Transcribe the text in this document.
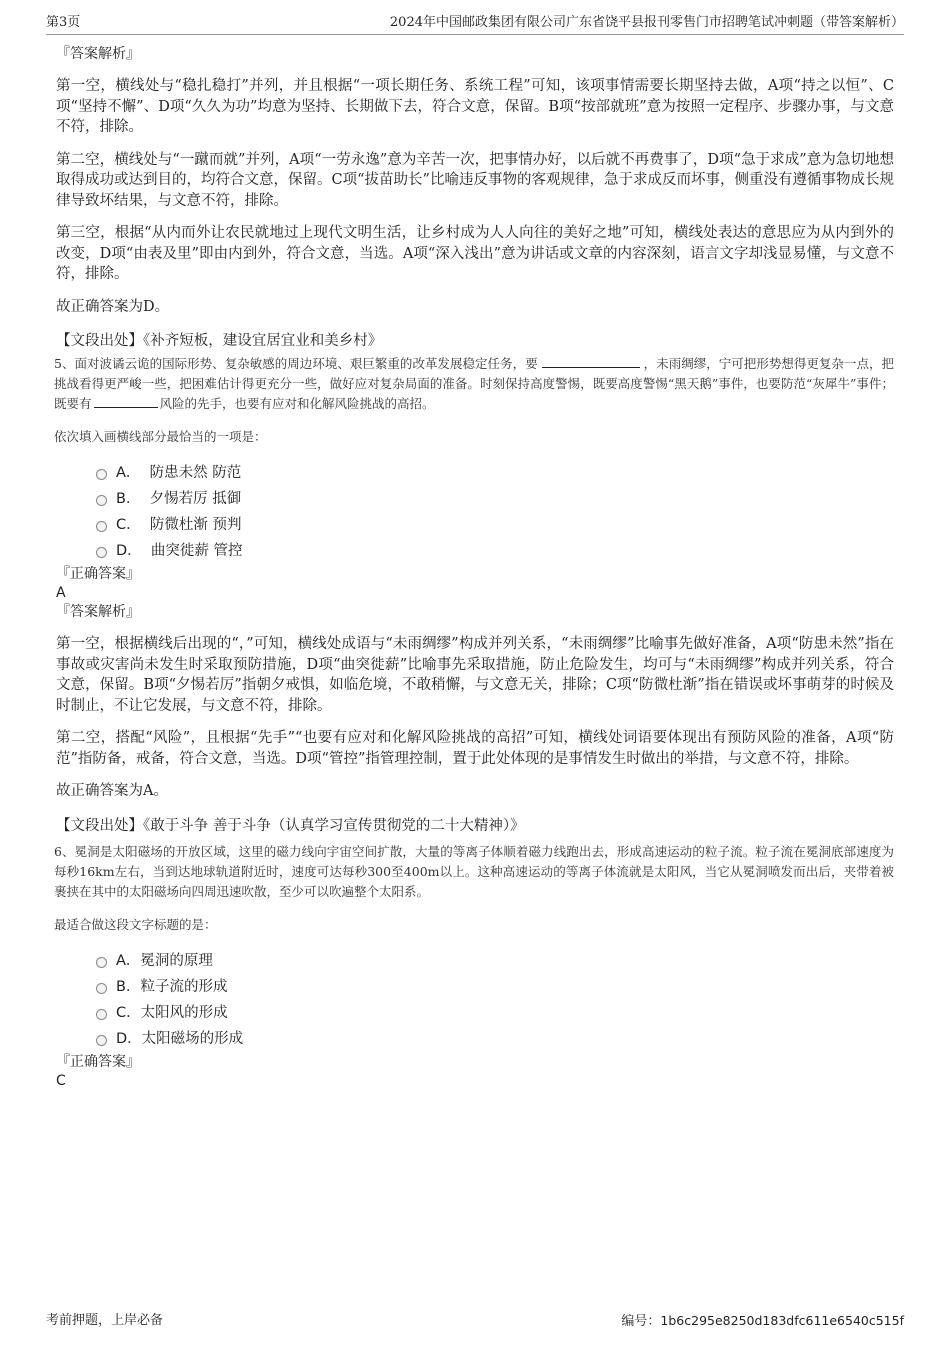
第3页	2024年中国邮政集团有限公司广东省饶平县报刊零售门市招聘笔试冲刺题（带答案解析）

『答案解析』

第一空，横线处与“稳扎稳打”并列，并且根据“一项长期任务、系统工程”可知，该项事情需要长期坚持去做，A项“持之以恒”、C项“坚持不懈”、D项“久久为功”均意为坚持、长期做下去，符合文意，保留。B项“按部就班”意为按照一定程序、步骤办事，与文意不符，排除。

第二空，横线处与“一蹴而就”并列，A项“一劳永逸”意为辛苦一次，把事情办好，以后就不再费事了，D项“急于求成”意为急切地想取得成功或达到目的，均符合文意，保留。C项“拔苗助长”比喻违反事物的客观规律，急于求成反而坏事，侧重没有遵循事物成长规律导致坏结果，与文意不符，排除。

第三空，根据“从内而外让农民就地过上现代文明生活，让乡村成为人人向往的美好之地”可知，横线处表达的意思应为从内到外的改变，D项“由表及里”即由内到外，符合文意，当选。A项“深入浅出”意为讲话或文章的内容深刻，语言文字却浅显易懂，与文意不符，排除。

故正确答案为D。

【文段出处】《补齐短板，建设宜居宜业和美乡村》

5、面对波谲云诡的国际形势、复杂敏感的周边环境、艰巨繁重的改革发展稳定任务，要	，未雨绸缪，宁可把形势想得更复杂一点，把挑战看得更严峻一些，把困难估计得更充分一些，做好应对复杂局面的准备。时刻保持高度警惕，既要高度警惕“黑天鹅”事件，也要防范“灰犀牛”事件；既要有	风险的先手，也要有应对和化解风险挑战的高招。

依次填入画横线部分最恰当的一项是：

A． 防患未然 防范
B． 夕惕若厉 抵御
C． 防微杜渐 预判
D． 曲突徙薪 管控

『正确答案』

A

『答案解析』

第一空，根据横线后出现的“，”可知，横线处成语与“未雨绸缪”构成并列关系，“未雨绸缪”比喻事先做好准备，A项“防患未然”指在事故或灾害尚未发生时采取预防措施，D项“曲突徙薪”比喻事先采取措施，防止危险发生，均可与“未雨绸缪”构成并列关系，符合文意，保留。B项“夕惕若厉”指朝夕戒惧，如临危境，不敢稍懈，与文意无关，排除；C项“防微杜渐”指在错误或坏事萌芽的时候及时制止，不让它发展，与文意不符，排除。

第二空，搭配“风险”，且根据“先手”“也要有应对和化解风险挑战的高招”可知，横线处词语要体现出有预防风险的准备，A项“防范”指防备，戒备，符合文意，当选。D项“管控”指管理控制，置于此处体现的是事情发生时做出的举措，与文意不符，排除。

故正确答案为A。

【文段出处】《敢于斗争 善于斗争（认真学习宣传贯彻党的二十大精神）》

6、冕洞是太阳磁场的开放区域，这里的磁力线向宇宙空间扩散，大量的等离子体顺着磁力线跑出去，形成高速运动的粒子流。粒子流在冕洞底部速度为每秒16km左右，当到达地球轨道附近时，速度可达每秒300至400m以上。这种高速运动的等离子体流就是太阳风，当它从冕洞喷发而出后，夹带着被裹挟在其中的太阳磁场向四周迅速吹散，至少可以吹遍整个太阳系。

最适合做这段文字标题的是：

A．冕洞的原理
B．粒子流的形成
C．太阳风的形成
D．太阳磁场的形成

『正确答案』

C

考前押题，上岸必备	编号：1b6c295e8250d183dfc611e6540c515f
